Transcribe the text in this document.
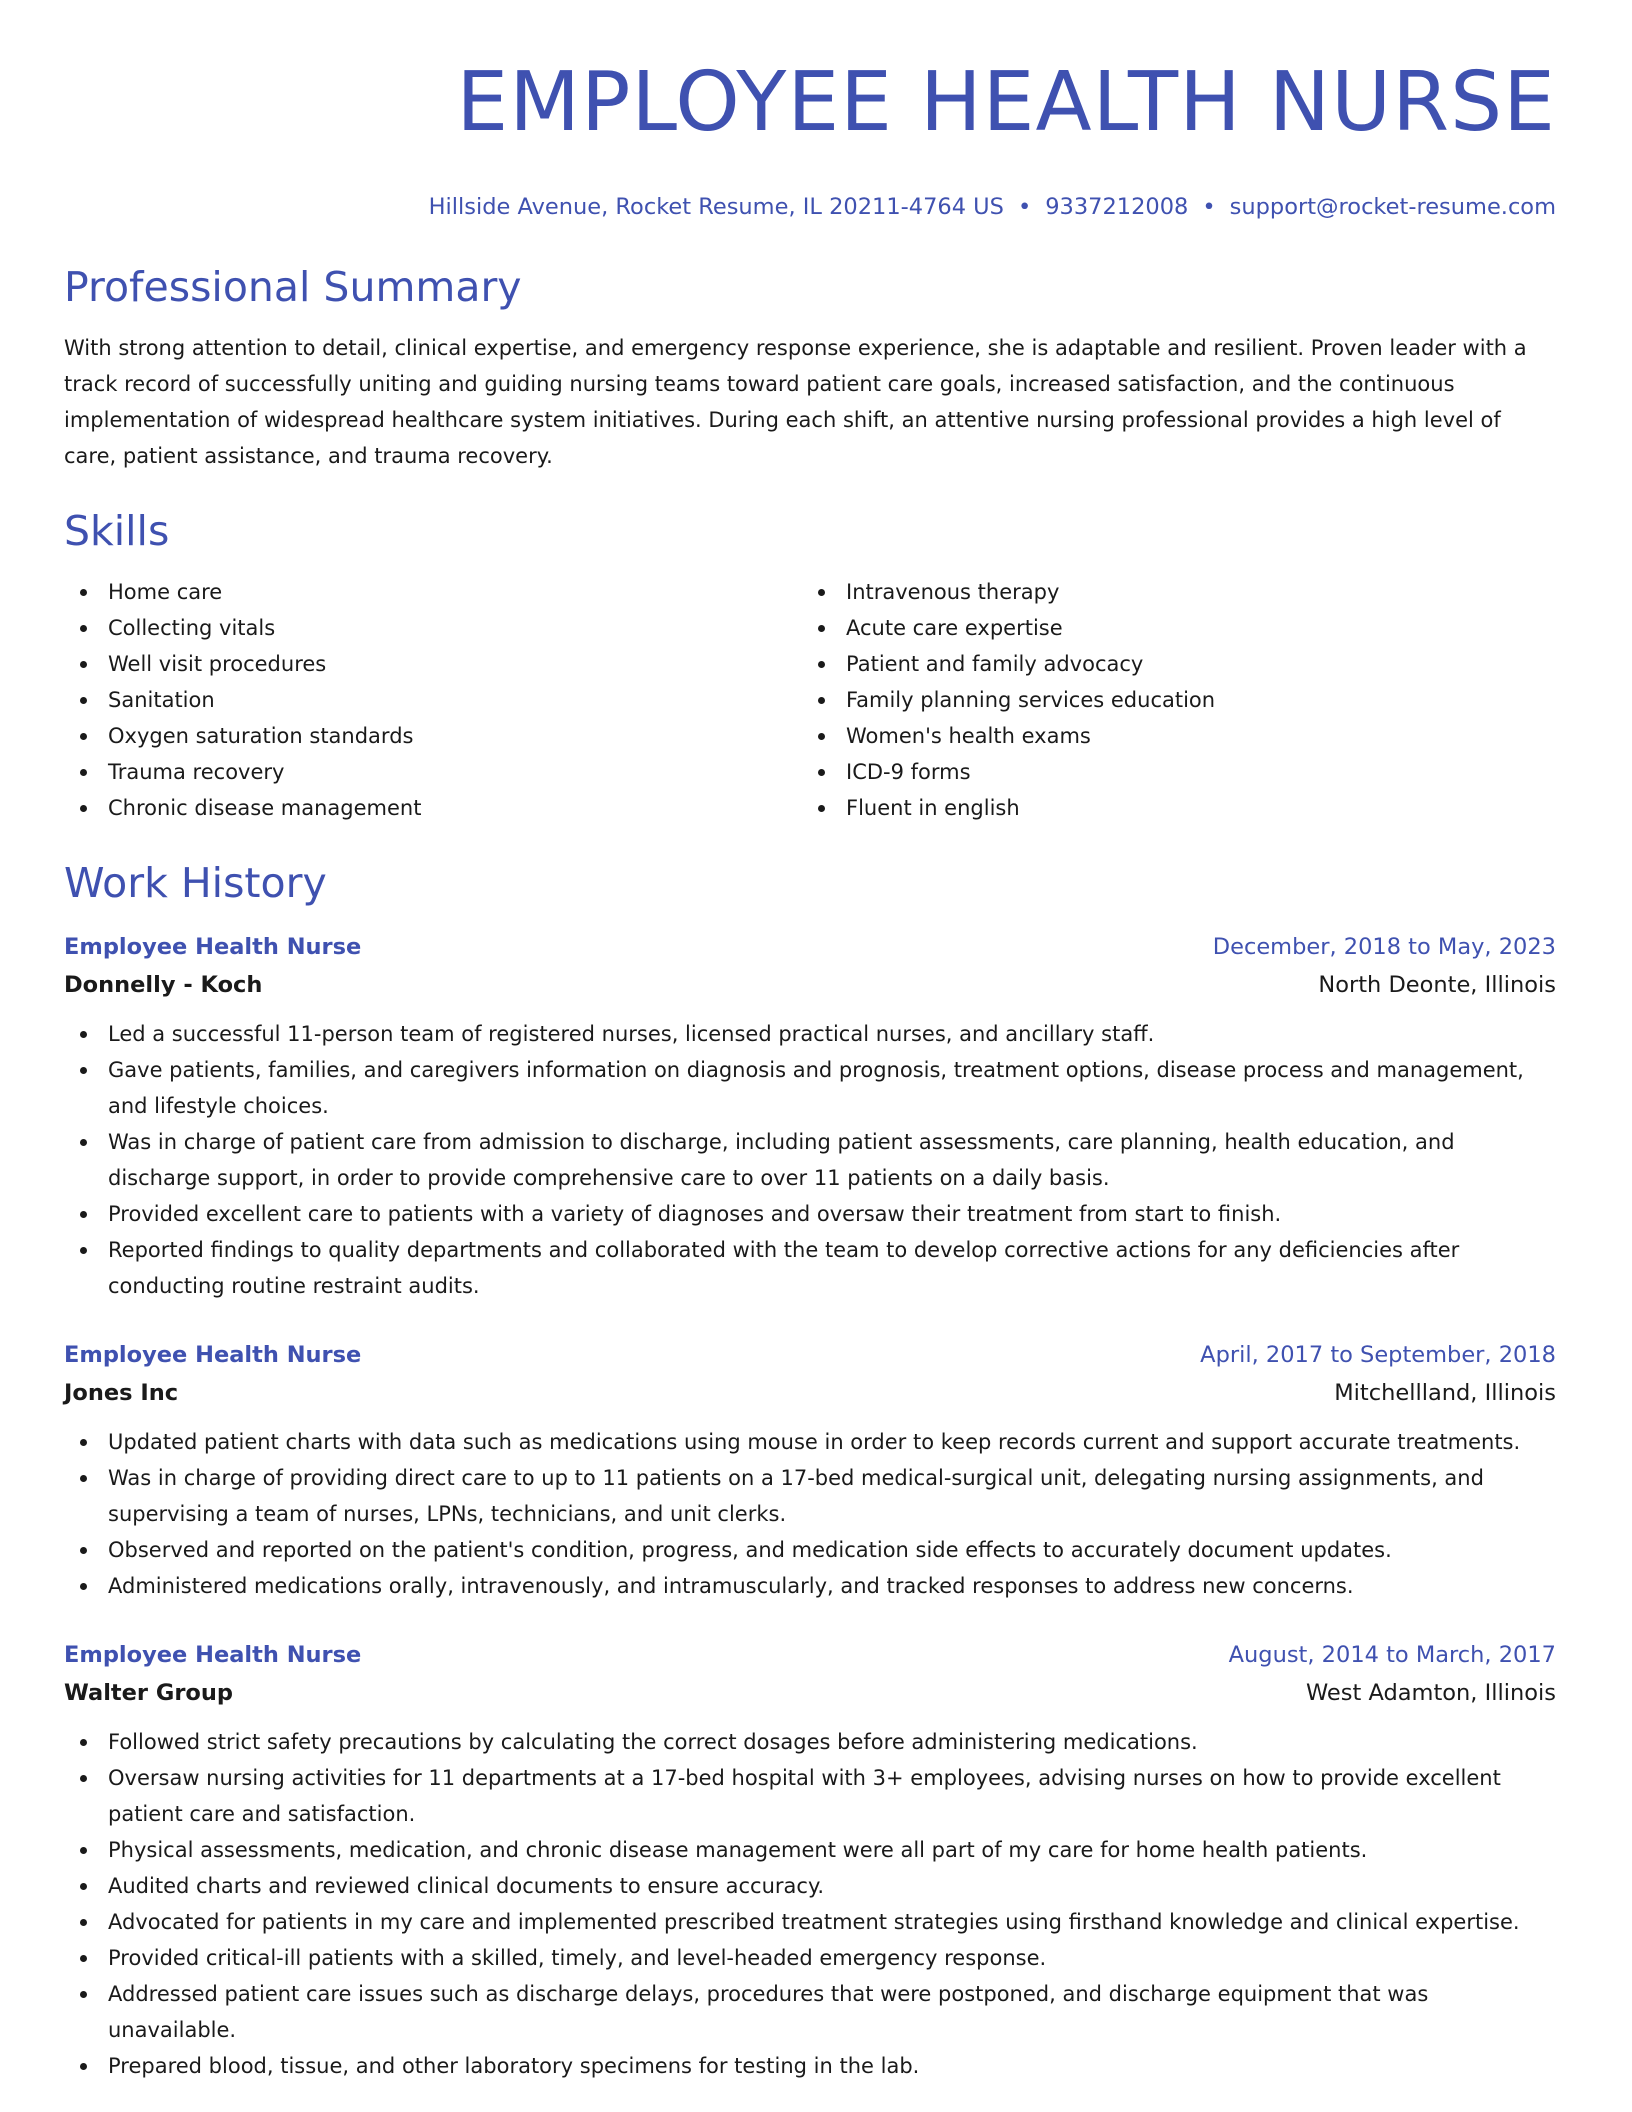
EMPLOYEE HEALTH NURSE
Hillside Avenue, Rocket Resume, IL 20211-4764 US • 9337212008 • support@rocket-resume.com
Professional Summary

With strong attention to detail, clinical expertise, and emergency response experience, she is adaptable and resilient. Proven leader with a track record of successfully uniting and guiding nursing teams toward patient care goals, increased satisfaction, and the continuous implementation of widespread healthcare system initiatives. During each shift, an attentive nursing professional provides a high level of care, patient assistance, and trauma recovery.

Skills
Home care
Collecting vitals
Well visit procedures
Sanitation
Oxygen saturation standards
Trauma recovery
Chronic disease management
Intravenous therapy
Acute care expertise
Patient and family advocacy
Family planning services education
Women's health exams
ICD-9 forms
Fluent in english
Work History
Employee Health Nurse	December, 2018 to May, 2023
Donnelly - Koch	North Deonte, Illinois
Led a successful 11-person team of registered nurses, licensed practical nurses, and ancillary staff.
Gave patients, families, and caregivers information on diagnosis and prognosis, treatment options, disease process and management, and lifestyle choices.
Was in charge of patient care from admission to discharge, including patient assessments, care planning, health education, and discharge support, in order to provide comprehensive care to over 11 patients on a daily basis.
Provided excellent care to patients with a variety of diagnoses and oversaw their treatment from start to finish.
Reported findings to quality departments and collaborated with the team to develop corrective actions for any deficiencies after conducting routine restraint audits.
Employee Health Nurse	April, 2017 to September, 2018
Jones Inc	Mitchellland, Illinois
Updated patient charts with data such as medications using mouse in order to keep records current and support accurate treatments.
Was in charge of providing direct care to up to 11 patients on a 17-bed medical-surgical unit, delegating nursing assignments, and supervising a team of nurses, LPNs, technicians, and unit clerks.
Observed and reported on the patient's condition, progress, and medication side effects to accurately document updates.
Administered medications orally, intravenously, and intramuscularly, and tracked responses to address new concerns.
Employee Health Nurse	August, 2014 to March, 2017
Walter Group	West Adamton, Illinois
Followed strict safety precautions by calculating the correct dosages before administering medications.
Oversaw nursing activities for 11 departments at a 17-bed hospital with 3+ employees, advising nurses on how to provide excellent patient care and satisfaction.
Physical assessments, medication, and chronic disease management were all part of my care for home health patients.
Audited charts and reviewed clinical documents to ensure accuracy.
Advocated for patients in my care and implemented prescribed treatment strategies using firsthand knowledge and clinical expertise.
Provided critical-ill patients with a skilled, timely, and level-headed emergency response.
Addressed patient care issues such as discharge delays, procedures that were postponed, and discharge equipment that was unavailable.
Prepared blood, tissue, and other laboratory specimens for testing in the lab.
